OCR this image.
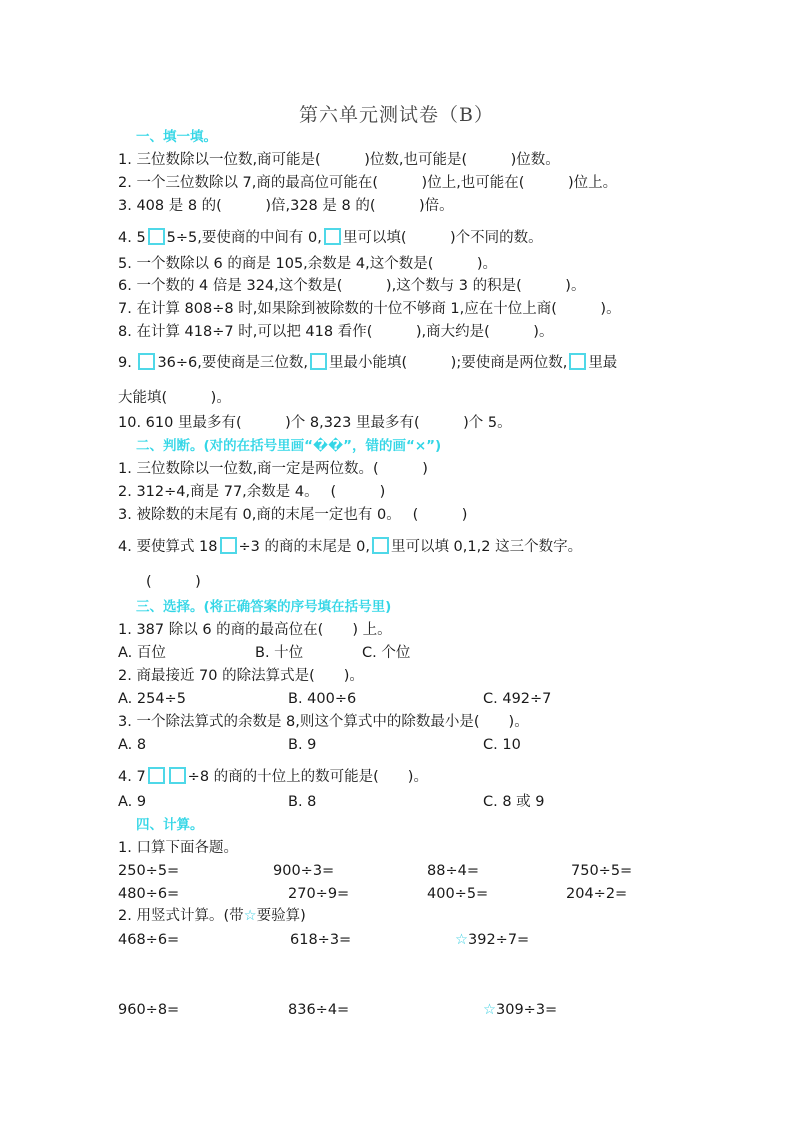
第六单元测试卷（B）
一、填一填。
1. 三位数除以一位数,商可能是(　　　)位数,也可能是(　　　)位数。
2. 一个三位数除以 7,商的最高位可能在(　　　)位上,也可能在(　　　)位上。
3. 408 是 8 的(　　　)倍,328 是 8 的(　　　)倍。
4. 5 5÷5,要使商的中间有 0, 里可以填(　　　)个不同的数。
5. 一个数除以 6 的商是 105,余数是 4,这个数是(　　　)。
6. 一个数的 4 倍是 324,这个数是(　　　),这个数与 3 的积是(　　　)。
7. 在计算 808÷8 时,如果除到被除数的十位不够商 1,应在十位上商(　　　)。
8. 在计算 418÷7 时,可以把 418 看作(　　　),商大约是(　　　)。
9. 36÷6,要使商是三位数, 里最小能填(　　　);要使商是两位数, 里最
大能填(　　　)。
10. 610 里最多有(　　　)个 8,323 里最多有(　　　)个 5。
二、判断。(对的在括号里画“��”，错的画“×”)
1. 三位数除以一位数,商一定是两位数。(　　　)
2. 312÷4,商是 77,余数是 4。　 (　　　)
3. 被除数的末尾有 0,商的末尾一定也有 0。　 (　　　)
4. 要使算式 18 ÷3 的商的末尾是 0, 里可以填 0,1,2 这三个数字。
(　　　)
三、选择。(将正确答案的序号填在括号里)
1. 387 除以 6 的商的最高位在(　　) 上。
A. 百位	B. 十位	C. 个位
2. 商最接近 70 的除法算式是(　　)。
A. 254÷5	B. 400÷6	C. 492÷7
3. 一个除法算式的余数是 8,则这个算式中的除数最小是(　　)。
A. 8	B. 9	C. 10
4. 7	÷8 的商的十位上的数可能是(　　)。
A. 9	B. 8	C. 8 或 9
四、计算。
1. 口算下面各题。
250÷5=	900÷3=	88÷4=	750÷5=
480÷6=	270÷9=	400÷5=	204÷2=
2. 用竖式计算。(带☆要验算)
468÷6=	618÷3=	☆392÷7=
960÷8=	836÷4=	☆309÷3=
